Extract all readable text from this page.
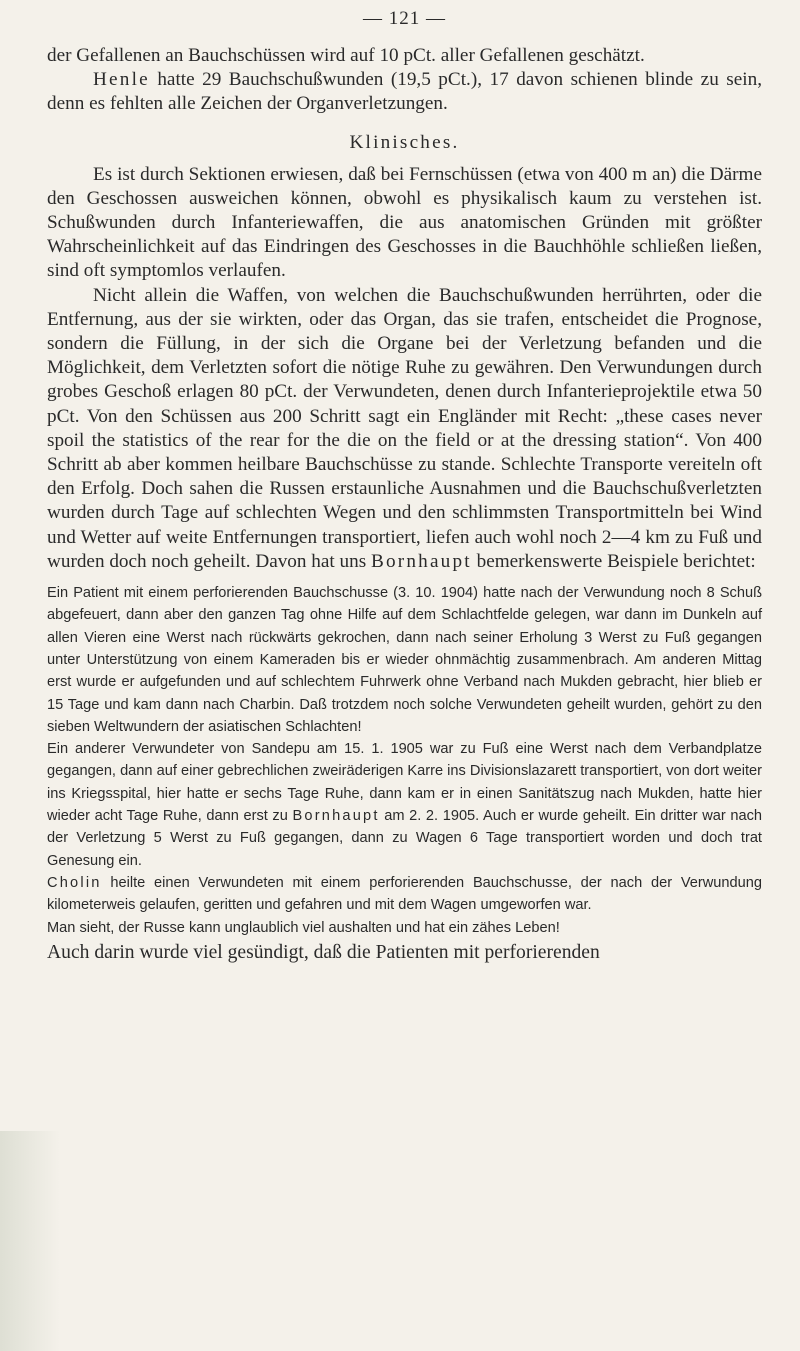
— 121 —

der Gefallenen an Bauchschüssen wird auf 10 pCt. aller Gefallenen geschätzt.

Henle hatte 29 Bauchschußwunden (19,5 pCt.), 17 davon schienen blinde zu sein, denn es fehlten alle Zeichen der Organverletzungen.

Klinisches.

Es ist durch Sektionen erwiesen, daß bei Fernschüssen (etwa von 400 m an) die Därme den Geschossen ausweichen können, obwohl es physikalisch kaum zu verstehen ist. Schußwunden durch Infanteriewaffen, die aus anatomischen Gründen mit größter Wahrscheinlichkeit auf das Eindringen des Geschosses in die Bauchhöhle schließen ließen, sind oft symptomlos verlaufen.

Nicht allein die Waffen, von welchen die Bauchschußwunden herrührten, oder die Entfernung, aus der sie wirkten, oder das Organ, das sie trafen, entscheidet die Prognose, sondern die Füllung, in der sich die Organe bei der Verletzung befanden und die Möglichkeit, dem Verletzten sofort die nötige Ruhe zu gewähren. Den Verwundungen durch grobes Geschoß erlagen 80 pCt. der Verwundeten, denen durch Infanterieprojektile etwa 50 pCt. Von den Schüssen aus 200 Schritt sagt ein Engländer mit Recht: „these cases never spoil the statistics of the rear for the die on the field or at the dressing station“. Von 400 Schritt ab aber kommen heilbare Bauchschüsse zu stande. Schlechte Transporte vereiteln oft den Erfolg. Doch sahen die Russen erstaunliche Ausnahmen und die Bauchschußverletzten wurden durch Tage auf schlechten Wegen und den schlimmsten Transportmitteln bei Wind und Wetter auf weite Entfernungen transportiert, liefen auch wohl noch 2—4 km zu Fuß und wurden doch noch geheilt. Davon hat uns Bornhaupt bemerkenswerte Beispiele berichtet:

Ein Patient mit einem perforierenden Bauchschusse (3. 10. 1904) hatte nach der Verwundung noch 8 Schuß abgefeuert, dann aber den ganzen Tag ohne Hilfe auf dem Schlachtfelde gelegen, war dann im Dunkeln auf allen Vieren eine Werst nach rückwärts gekrochen, dann nach seiner Erholung 3 Werst zu Fuß gegangen unter Unterstützung von einem Kameraden bis er wieder ohnmächtig zusammenbrach. Am anderen Mittag erst wurde er aufgefunden und auf schlechtem Fuhrwerk ohne Verband nach Mukden gebracht, hier blieb er 15 Tage und kam dann nach Charbin. Daß trotzdem noch solche Verwundeten geheilt wurden, gehört zu den sieben Weltwundern der asiatischen Schlachten!

Ein anderer Verwundeter von Sandepu am 15. 1. 1905 war zu Fuß eine Werst nach dem Verbandplatze gegangen, dann auf einer gebrechlichen zweiräderigen Karre ins Divisionslazarett transportiert, von dort weiter ins Kriegsspital, hier hatte er sechs Tage Ruhe, dann kam er in einen Sanitätszug nach Mukden, hatte hier wieder acht Tage Ruhe, dann erst zu Bornhaupt am 2. 2. 1905. Auch er wurde geheilt. Ein dritter war nach der Verletzung 5 Werst zu Fuß gegangen, dann zu Wagen 6 Tage transportiert worden und doch trat Genesung ein.

Cholin heilte einen Verwundeten mit einem perforierenden Bauchschusse, der nach der Verwundung kilometerweis gelaufen, geritten und gefahren und mit dem Wagen umgeworfen war.

Man sieht, der Russe kann unglaublich viel aushalten und hat ein zähes Leben!

Auch darin wurde viel gesündigt, daß die Patienten mit perforierenden
